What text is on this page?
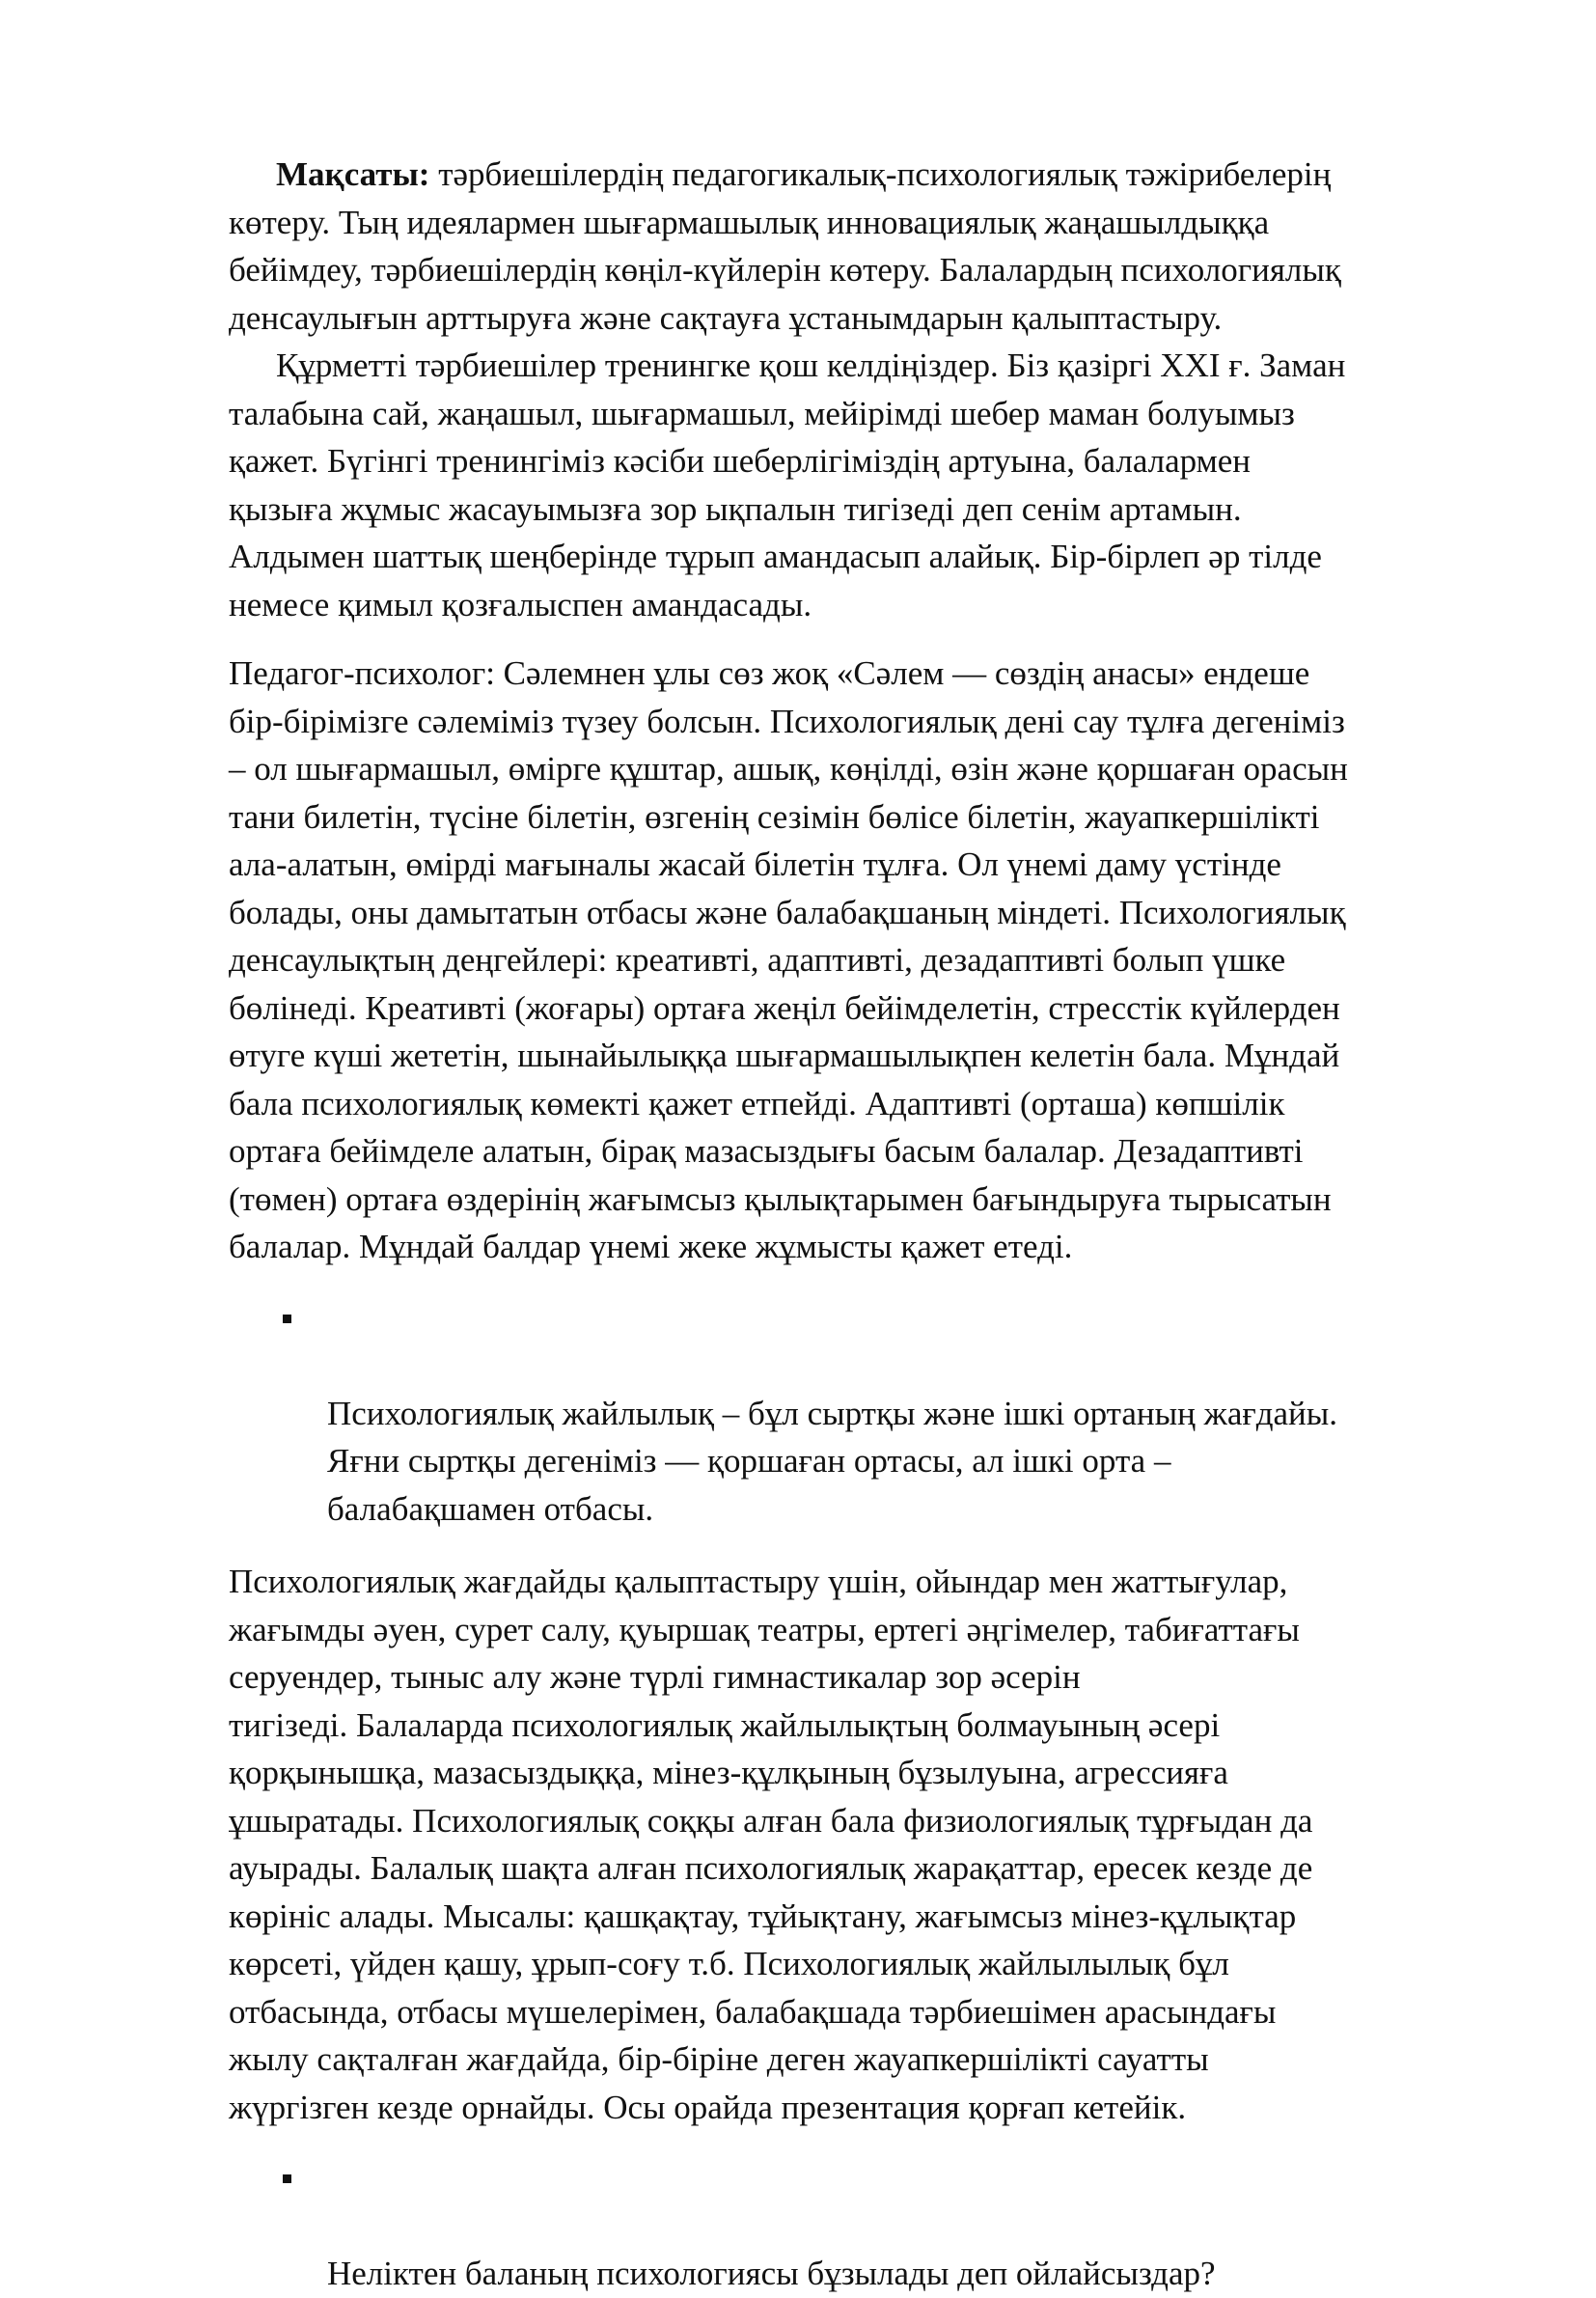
Мақсаты: тәрбиешілердің педагогикалық-психологиялық тәжірибелерің
көтеру. Тың идеялармен шығармашылық инновациялық жаңашылдыққа
бейімдеу, тәрбиешілердің көңіл-күйлерін көтеру. Балалардың психологиялық
денсаулығын арттыруға және сақтауға ұстанымдарын қалыптастыру.

Құрметті тәрбиешілер тренингке қош келдіңіздер. Біз қазіргі XXI ғ. Заман
талабына сай, жаңашыл, шығармашыл, мейірімді шебер маман болуымыз
қажет. Бүгінгі тренингіміз кәсіби шеберлігіміздің артуына, балалармен
қызыға жұмыс жасауымызға зор ықпалын тигізеді деп сенім артамын.
Алдымен шаттық шеңберінде тұрып амандасып алайық. Бір-бірлеп әр тілде
немесе қимыл қозғалыспен амандасады.

Педагог-психолог: Сәлемнен ұлы сөз жоқ «Сәлем — сөздің анасы» ендеше
бір-бірімізге сәлеміміз түзеу болсын. Психологиялық дені сау тұлға дегеніміз
– ол шығармашыл, өмірге құштар, ашық, көңілді, өзін және қоршаған орасын
тани билетін, түсіне білетін, өзгенің сезімін бөлісе білетін, жауапкершілікті
ала-алатын, өмірді мағыналы жасай білетін тұлға. Ол үнемі даму үстінде
болады, оны дамытатын отбасы және балабақшаның міндеті. Психологиялық
денсаулықтың деңгейлері: креативті, адаптивті, дезадаптивті болып үшке
бөлінеді. Креативті (жоғары) ортаға жеңіл бейімделетін, стресстік күйлерден
өтуге күші жететін, шынайылыққа шығармашылықпен келетін бала. Мұндай
бала психологиялық көмекті қажет етпейді. Адаптивті (орташа) көпшілік
ортаға бейімделе алатын, бірақ мазасыздығы басым балалар. Дезадаптивті
(төмен) ортаға өздерінің жағымсыз қылықтарымен бағындыруға тырысатын
балалар. Мұндай балдар үнемі жеке жұмысты қажет етеді.

Психологиялық жайлылық – бұл сыртқы және ішкі ортаның жағдайы.
Яғни сыртқы дегеніміз — қоршаған ортасы, ал ішкі орта –
балабақшамен отбасы.

Психологиялық жағдайды қалыптастыру үшін, ойындар мен жаттығулар,
жағымды әуен, сурет салу, қуыршақ театры, ертегі әңгімелер, табиғаттағы
серуендер, тыныс алу және түрлі гимнастикалар зор әсерін
тигізеді. Балаларда психологиялық жайлылықтың болмауының әсері
қорқынышқа, мазасыздыққа, мінез-құлқының бұзылуына, агрессияға
ұшыратады. Психологиялық соққы алған бала физиологиялық тұрғыдан да
ауырады. Балалық шақта алған психологиялық жарақаттар, ересек кезде де
көрініс алады. Мысалы: қашқақтау, тұйықтану, жағымсыз мінез-құлықтар
көрсеті, үйден қашу, ұрып-соғу т.б. Психологиялық жайлылылық бұл
отбасында, отбасы мүшелерімен, балабақшада тәрбиешімен арасындағы
жылу сақталған жағдайда, бір-біріне деген жауапкершілікті сауатты
жүргізген кезде орнайды. Осы орайда презентация қорғап кетейік.

Неліктен баланың психологиясы бұзылады деп ойлайсыздар?
